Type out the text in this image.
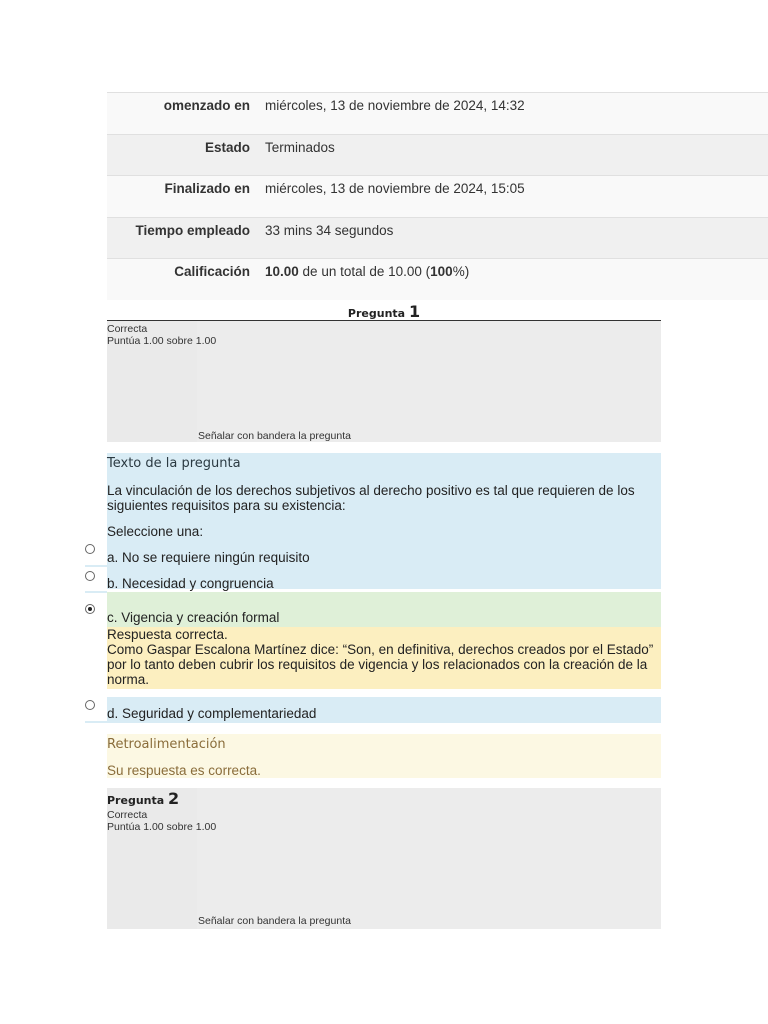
omenzado en	miércoles, 13 de noviembre de 2024, 14:32
Estado	Terminados
Finalizado en	miércoles, 13 de noviembre de 2024, 15:05
Tiempo empleado	33 mins 34 segundos
Calificación	10.00 de un total de 10.00 (100%)
Pregunta 1
Correcta
Puntúa 1.00 sobre 1.00
Señalar con bandera la pregunta
Texto de la pregunta
La vinculación de los derechos subjetivos al derecho positivo es tal que requieren de los siguientes requisitos para su existencia:
Seleccione una:
a. No se requiere ningún requisito
b. Necesidad y congruencia
c. Vigencia y creación formal
Respuesta correcta.
Como Gaspar Escalona Martínez dice: “Son, en definitiva, derechos creados por el Estado” por lo tanto deben cubrir los requisitos de vigencia y los relacionados con la creación de la norma.
d. Seguridad y complementariedad
Retroalimentación
Su respuesta es correcta.
Pregunta 2
Correcta
Puntúa 1.00 sobre 1.00
Señalar con bandera la pregunta
